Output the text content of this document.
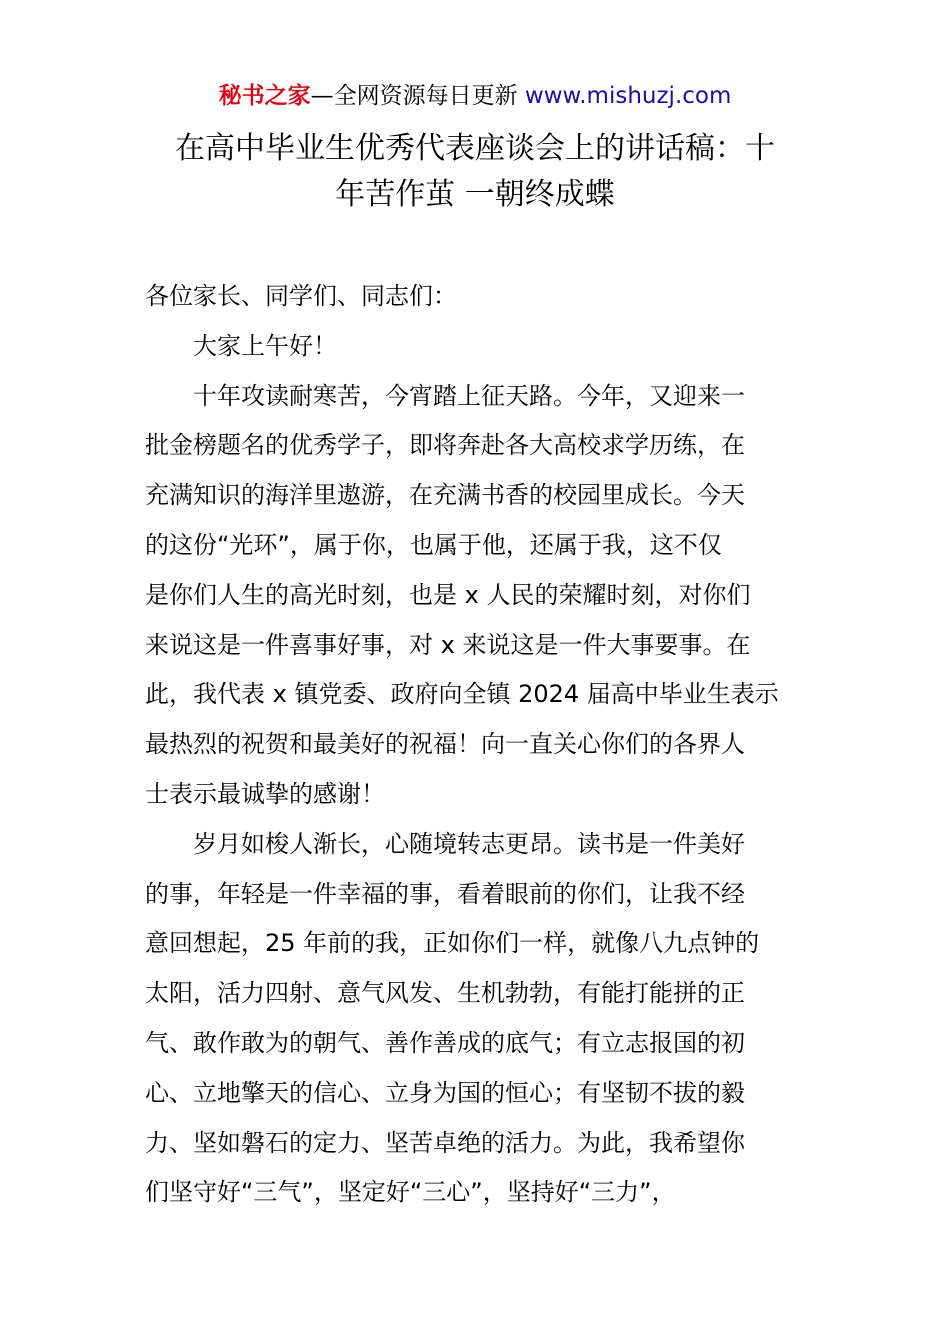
秘书之家—全网资源每日更新 www.mishuzj.com
在高中毕业生优秀代表座谈会上的讲话稿：十
年苦作茧 一朝终成蝶
各位家长、同学们、同志们：
大家上午好！
十年攻读耐寒苦，今宵踏上征天路。今年，又迎来一
批金榜题名的优秀学子，即将奔赴各大高校求学历练，在
充满知识的海洋里遨游，在充满书香的校园里成长。今天
的这份“光环”，属于你，也属于他，还属于我，这不仅
是你们人生的高光时刻，也是 x 人民的荣耀时刻，对你们
来说这是一件喜事好事，对 x 来说这是一件大事要事。在
此，我代表 x 镇党委、政府向全镇 2024 届高中毕业生表示
最热烈的祝贺和最美好的祝福！向一直关心你们的各界人
士表示最诚挚的感谢！
岁月如梭人渐长，心随境转志更昂。读书是一件美好
的事，年轻是一件幸福的事，看着眼前的你们，让我不经
意回想起，25 年前的我，正如你们一样，就像八九点钟的
太阳，活力四射、意气风发、生机勃勃，有能打能拼的正
气、敢作敢为的朝气、善作善成的底气；有立志报国的初
心、立地擎天的信心、立身为国的恒心；有坚韧不拔的毅
力、坚如磐石的定力、坚苦卓绝的活力。为此，我希望你
们坚守好“三气”，坚定好“三心”，坚持好“三力”，
